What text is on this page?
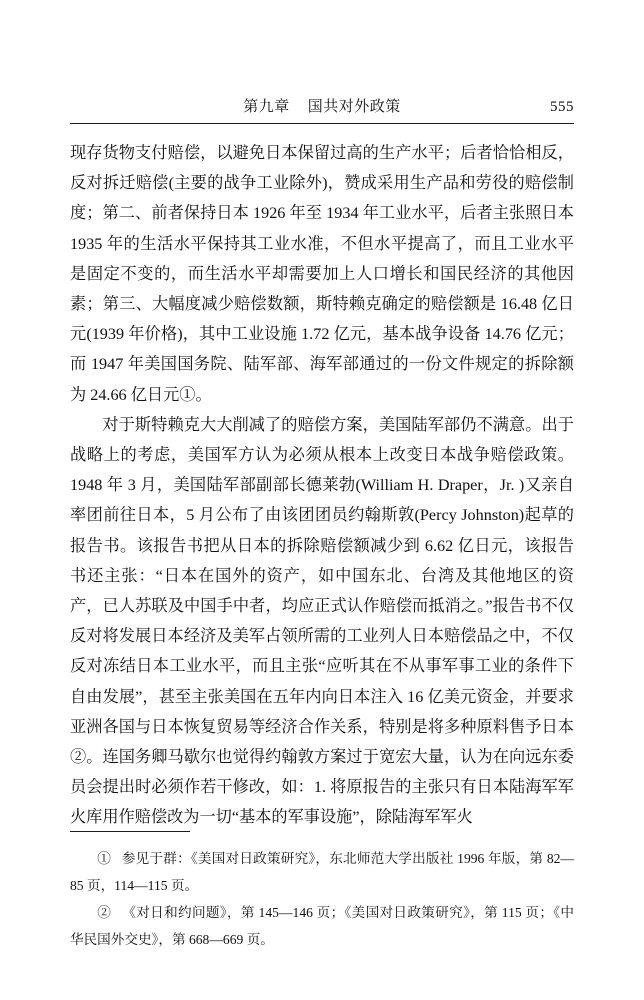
第九章 国共对外政策	555

现存货物支付赔偿，以避免日本保留过高的生产水平；后者恰恰相反，反对拆迁赔偿(主要的战争工业除外)，赞成采用生产品和劳役的赔偿制度；第二、前者保持日本 1926 年至 1934 年工业水平，后者主张照日本 1935 年的生活水平保持其工业水准，不但水平提高了，而且工业水平是固定不变的，而生活水平却需要加上人口增长和国民经济的其他因素；第三、大幅度减少赔偿数额，斯特赖克确定的赔偿额是 16.48 亿日元(1939 年价格)，其中工业设施 1.72 亿元，基本战争设备 14.76 亿元；而 1947 年美国国务院、陆军部、海军部通过的一份文件规定的拆除额为 24.66 亿日元①。

对于斯特赖克大大削减了的赔偿方案，美国陆军部仍不满意。出于战略上的考虑，美国军方认为必须从根本上改变日本战争赔偿政策。1948 年 3 月，美国陆军部副部长德莱勃(William H. Draper，Jr. )又亲自率团前往日本，5 月公布了由该团团员约翰斯敦(Percy Johnston)起草的报告书。该报告书把从日本的拆除赔偿额减少到 6.62 亿日元，该报告书还主张：“日本在国外的资产，如中国东北、台湾及其他地区的资产，已人苏联及中国手中者，均应正式认作赔偿而抵消之。”报告书不仅反对将发展日本经济及美军占领所需的工业列人日本赔偿品之中，不仅反对冻结日本工业水平，而且主张“应听其在不从事军事工业的条件下自由发展”，甚至主张美国在五年内向日本注入 16 亿美元资金，并要求亚洲各国与日本恢复贸易等经济合作关系，特别是将多种原料售予日本②。连国务卿马歇尔也觉得约翰敦方案过于宽宏大量，认为在向远东委员会提出时必须作若干修改，如：1. 将原报告的主张只有日本陆海军军火库用作赔偿改为一切“基本的军事设施”，除陆海军军火

① 参见于群：《美国对日政策研究》，东北师范大学出版社 1996 年版，第 82—85 页，114—115 页。

② 《对日和约问题》，第 145—146 页；《美国对日政策研究》，第 115 页；《中华民国外交史》，第 668—669 页。
